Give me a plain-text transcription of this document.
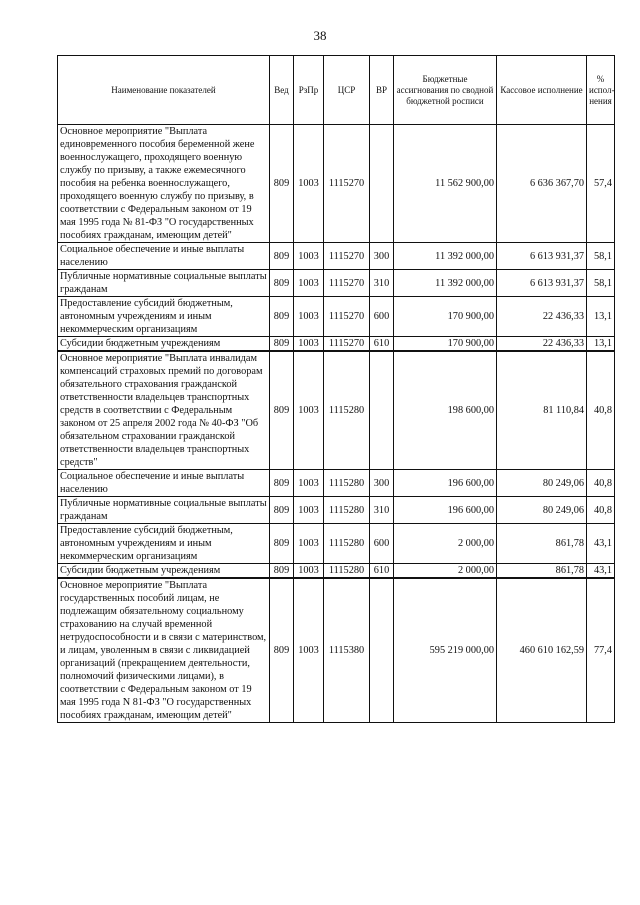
38
Наименование показателей	Вед	РзПр	ЦСР	ВР	Бюджетные ассигнования по сводной бюджетной росписи	Кассовое исполнение	% испол-нения
Основное мероприятие "Выплата единовременного пособия беременной жене военнослужащего, проходящего военную службу по призыву, а также ежемесячного пособия на ребенка военнослужащего, проходящего военную службу по призыву, в соответствии с Федеральным законом от 19 мая 1995 года № 81-ФЗ "О государственных пособиях гражданам, имеющим детей"	809	1003	1115270		11 562 900,00	6 636 367,70	57,4
Социальное обеспечение и иные выплаты населению	809	1003	1115270	300	11 392 000,00	6 613 931,37	58,1
Публичные нормативные социальные выплаты гражданам	809	1003	1115270	310	11 392 000,00	6 613 931,37	58,1
Предоставление субсидий бюджетным, автономным учреждениям и иным некоммерческим организациям	809	1003	1115270	600	170 900,00	22 436,33	13,1
Субсидии бюджетным учреждениям	809	1003	1115270	610	170 900,00	22 436,33	13,1
Основное мероприятие "Выплата инвалидам компенсаций страховых премий по договорам обязательного страхования гражданской ответственности владельцев транспортных средств в соответствии с Федеральным законом от 25 апреля 2002 года № 40-ФЗ "Об обязательном страховании гражданской ответственности владельцев транспортных средств"	809	1003	1115280		198 600,00	81 110,84	40,8
Социальное обеспечение и иные выплаты населению	809	1003	1115280	300	196 600,00	80 249,06	40,8
Публичные нормативные социальные выплаты гражданам	809	1003	1115280	310	196 600,00	80 249,06	40,8
Предоставление субсидий бюджетным, автономным учреждениям и иным некоммерческим организациям	809	1003	1115280	600	2 000,00	861,78	43,1
Субсидии бюджетным учреждениям	809	1003	1115280	610	2 000,00	861,78	43,1
Основное мероприятие "Выплата государственных пособий лицам, не подлежащим обязательному социальному страхованию на случай временной нетрудоспособности и в связи с материнством, и лицам, уволенным в связи с ликвидацией организаций (прекращением деятельности, полномочий физическими лицами), в соответствии с Федеральным законом от 19 мая 1995 года N 81-ФЗ "О государственных пособиях гражданам, имеющим детей"	809	1003	1115380		595 219 000,00	460 610 162,59	77,4
